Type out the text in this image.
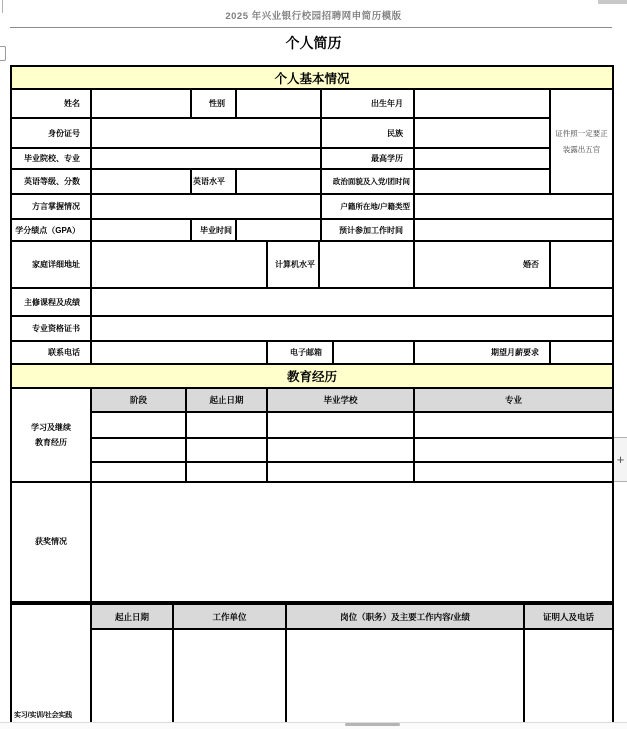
2025 年兴业银行校园招聘网申简历模版
个人简历
个人基本情况
姓名	性别	出生年月
证件照一定要正
装露出五官
身份证号	民族
毕业院校、专业	最高学历
英语等级、分数	英语水平	政治面貌及入党/团时间
方言掌握情况	户籍所在地/户籍类型
学分绩点（GPA）	毕业时间	预计参加工作时间
家庭详细地址	计算机水平	婚否
主修课程及成绩
专业资格证书
联系电话	电子邮箱	期望月薪要求
教育经历
学习及继续
教育经历
阶段	起止日期	毕业学校	专业
获奖情况
实习/实训/社会实践
起止日期	工作单位	岗位（职务）及主要工作内容/业绩	证明人及电话
+
